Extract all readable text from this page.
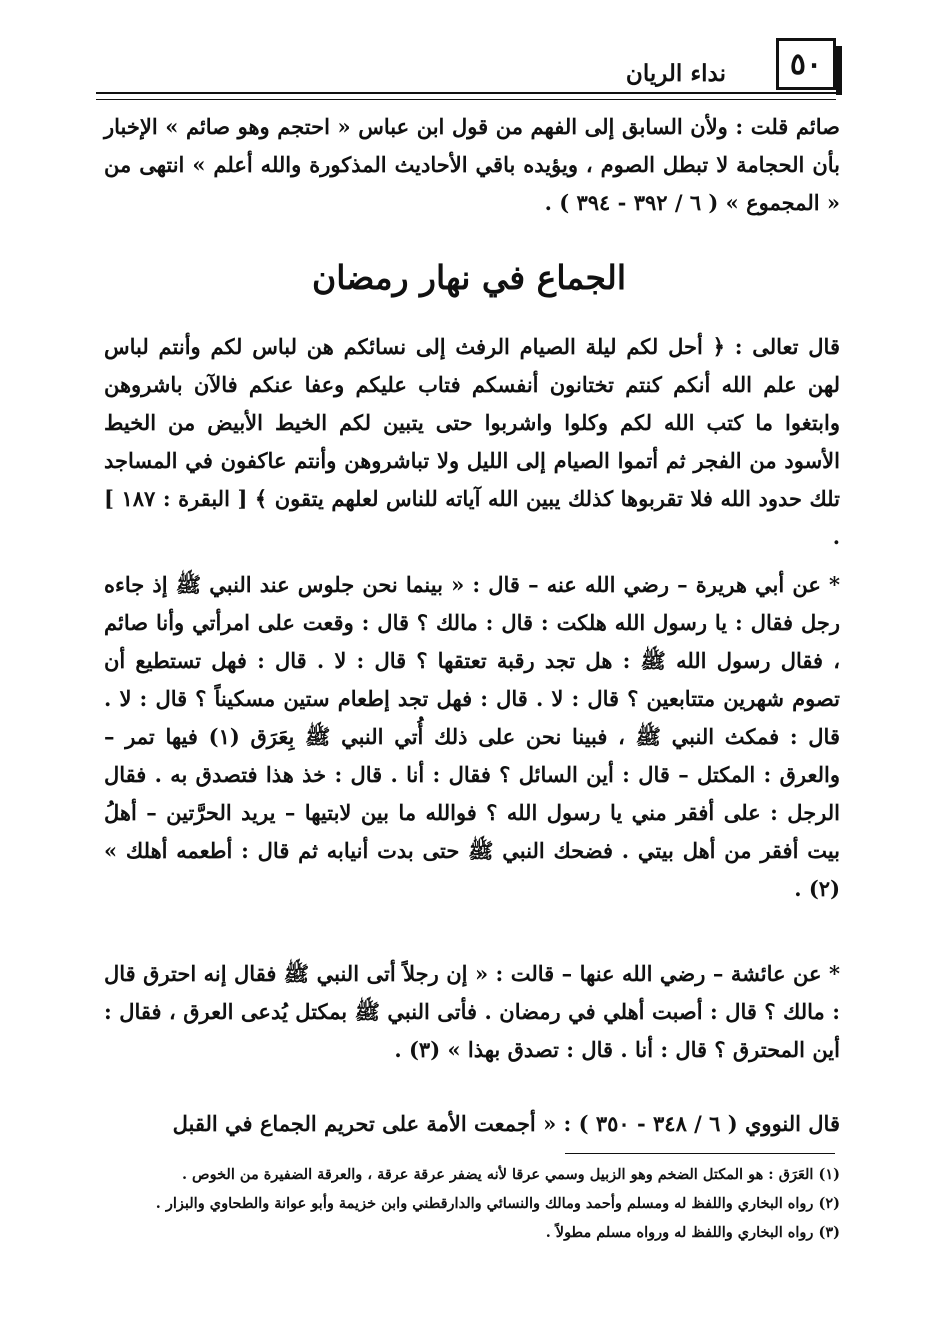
٥٠
نداء الريان

صائم قلت : ولأن السابق إلى الفهم من قول ابن عباس « احتجم وهو صائم » الإخبار بأن الحجامة لا تبطل الصوم ، ويؤيده باقي الأحاديث المذكورة والله أعلم » انتهى من « المجموع » ( ٦ / ٣٩٢ - ٣٩٤ ) .

الجماع في نهار رمضان

قال تعالى : ﴿ أحل لكم ليلة الصيام الرفث إلى نسائكم هن لباس لكم وأنتم لباس لهن علم الله أنكم كنتم تختانون أنفسكم فتاب عليكم وعفا عنكم فالآن باشروهن وابتغوا ما كتب الله لكم وكلوا واشربوا حتى يتبين لكم الخيط الأبيض من الخيط الأسود من الفجر ثم أتموا الصيام إلى الليل ولا تباشروهن وأنتم عاكفون في المساجد تلك حدود الله فلا تقربوها كذلك يبين الله آياته للناس لعلهم يتقون ﴾ [ البقرة : ١٨٧ ] .

* عن أبي هريرة – رضي الله عنه – قال : « بينما نحن جلوس عند النبي ﷺ إذ جاءه رجل فقال : يا رسول الله هلكت : قال : مالك ؟ قال : وقعت على امرأتي وأنا صائم ، فقال رسول الله ﷺ : هل تجد رقبة تعتقها ؟ قال : لا . قال : فهل تستطيع أن تصوم شهرين متتابعين ؟ قال : لا . قال : فهل تجد إطعام ستين مسكيناً ؟ قال : لا . قال : فمكث النبي ﷺ ، فبينا نحن على ذلك أُتي النبي ﷺ بِعَرَق (١) فيها تمر – والعرق : المكتل – قال : أين السائل ؟ فقال : أنا . قال : خذ هذا فتصدق به . فقال الرجل : على أفقر مني يا رسول الله ؟ فوالله ما بين لابتيها – يريد الحرَّتين – أهلُ بيت أفقر من أهل بيتي . فضحك النبي ﷺ حتى بدت أنيابه ثم قال : أطعمه أهلك » (٢) .

* عن عائشة – رضي الله عنها – قالت : « إن رجلاً أتى النبي ﷺ فقال إنه احترق قال : مالك ؟ قال : أصبت أهلي في رمضان . فأتى النبي ﷺ بمكتل يُدعى العرق ، فقال : أين المحترق ؟ قال : أنا . قال : تصدق بهذا » (٣) .

قال النووي ( ٦ / ٣٤٨ - ٣٥٠ ) : « أجمعت الأمة على تحريم الجماع في القبل

(١) العَرَق : هو المكتل الضخم وهو الزبيل وسمي عرقا لأنه يضفر عرقة عرقة ، والعرقة الضفيرة من الخوص .

(٢) رواه البخاري واللفظ له ومسلم وأحمد ومالك والنسائي والدارقطني وابن خزيمة وأبو عوانة والطحاوي والبزار .

(٣) رواه البخاري واللفظ له ورواه مسلم مطولاً .
